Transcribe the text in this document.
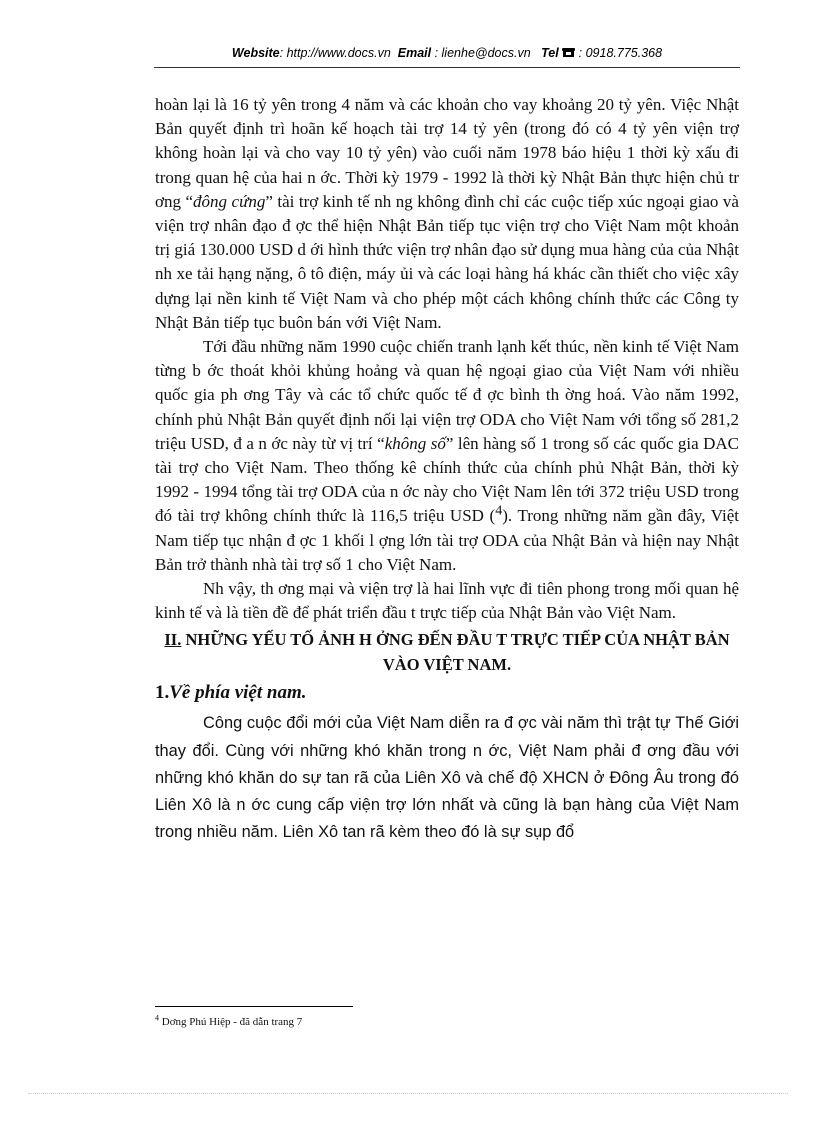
Website: http://www.docs.vn Email : lienhe@docs.vn Tel  : 0918.775.368

hoàn lại là 16 tỷ yên trong 4 năm và các khoản cho vay khoảng 20 tỷ yên. Việc Nhật Bản quyết định trì hoãn kế hoạch tài trợ 14 tỷ yên (trong đó có 4 tỷ yên viện trợ không hoàn lại và cho vay 10 tỷ yên) vào cuối năm 1978 báo hiệu 1 thời kỳ xấu đi trong quan hệ của hai n ớc. Thời kỳ 1979 - 1992 là thời kỳ Nhật Bản thực hiện chủ tr ơng “đông cứng” tài trợ kinh tế nh ng không đình chỉ các cuộc tiếp xúc ngoại giao và viện trợ nhân đạo đ ợc thể hiện Nhật Bản tiếp tục viện trợ cho Việt Nam một khoản trị giá 130.000 USD d ới hình thức viện trợ nhân đạo sử dụng mua hàng của của Nhật nh xe tải hạng nặng, ô tô điện, máy ủi và các loại hàng há khác cần thiết cho việc xây dựng lại nền kinh tế Việt Nam và cho phép một cách không chính thức các Công ty Nhật Bản tiếp tục buôn bán với Việt Nam.

Tới đầu những năm 1990 cuộc chiến tranh lạnh kết thúc, nền kinh tế Việt Nam từng b ớc thoát khỏi khủng hoảng và quan hệ ngoại giao của Việt Nam với nhiều quốc gia ph ơng Tây và các tổ chức quốc tế đ ợc bình th ờng hoá. Vào năm 1992, chính phủ Nhật Bản quyết định nối lại viện trợ ODA cho Việt Nam với tổng số 281,2 triệu USD, đ a n ớc này từ vị trí “không số” lên hàng số 1 trong số các quốc gia DAC tài trợ cho Việt Nam. Theo thống kê chính thức của chính phủ Nhật Bản, thời kỳ 1992 - 1994 tổng tài trợ ODA của n ớc này cho Việt Nam lên tới 372 triệu USD trong đó tài trợ không chính thức là 116,5 triệu USD ($^4$). Trong những năm gần đây, Việt Nam tiếp tục nhận đ ợc 1 khối l ợng lớn tài trợ ODA của Nhật Bản và hiện nay Nhật Bản trở thành nhà tài trợ số 1 cho Việt Nam.

Nh vậy, th ơng mại và viện trợ là hai lĩnh vực đi tiên phong trong mối quan hệ kinh tế và là tiền đề để phát triển đầu t trực tiếp của Nhật Bản vào Việt Nam.

II. NHỮNG YẾU TỐ ẢNH H ỞNG ĐẾN ĐẦU T TRỰC TIẾP CỦA NHẬT BẢN VÀO VIỆT NAM.

1.Về phía việt nam.

Công cuộc đổi mới của Việt Nam diễn ra đ ợc vài năm thì trật tự Thế Giới thay đổi. Cùng với những khó khăn trong n ớc, Việt Nam phải đ ơng đầu với những khó khăn do sự tan rã của Liên Xô và chế độ XHCN ở Đông Âu trong đó Liên Xô là n ớc cung cấp viện trợ lớn nhất và cũng là bạn hàng của Việt Nam trong nhiều năm. Liên Xô tan rã kèm theo đó là sự sụp đổ

$^4$ Dơng Phú Hiệp - đã dẫn trang 7
